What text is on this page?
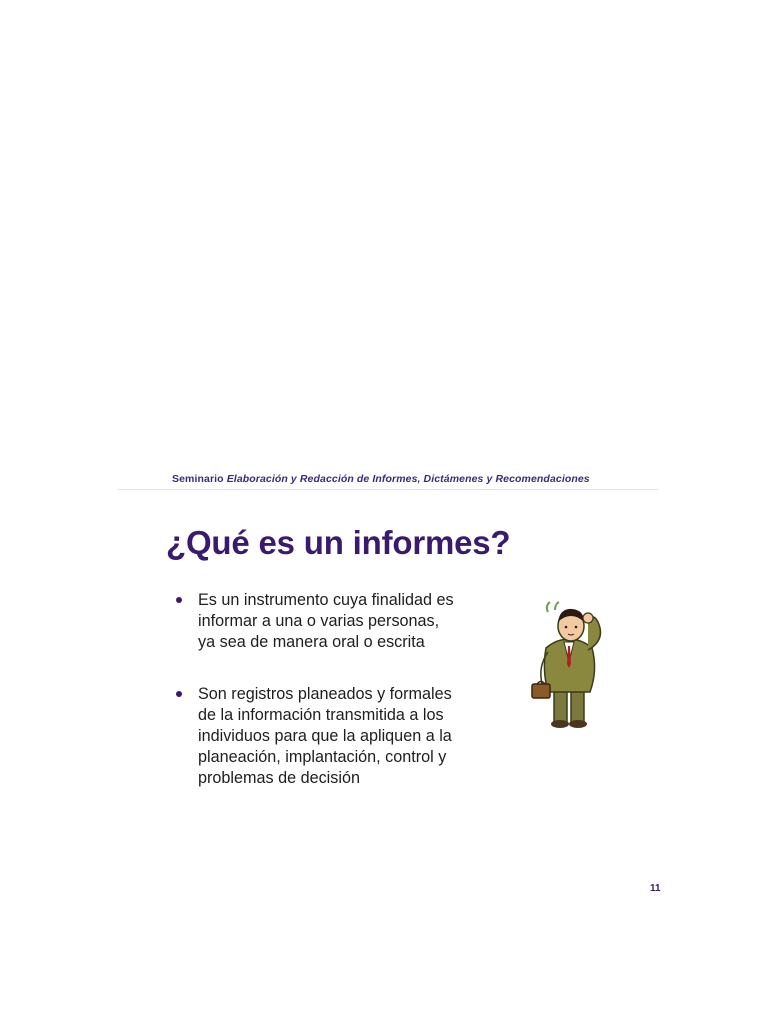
Seminario Elaboración y Redacción de Informes, Dictámenes y Recomendaciones
¿Qué es un informes?
Es un instrumento cuya finalidad es
informar a una o varias personas,
ya sea de manera oral o escrita
Son registros planeados y formales
de la información transmitida a los
individuos para que la apliquen a la
planeación, implantación, control y
problemas de decisión
11
